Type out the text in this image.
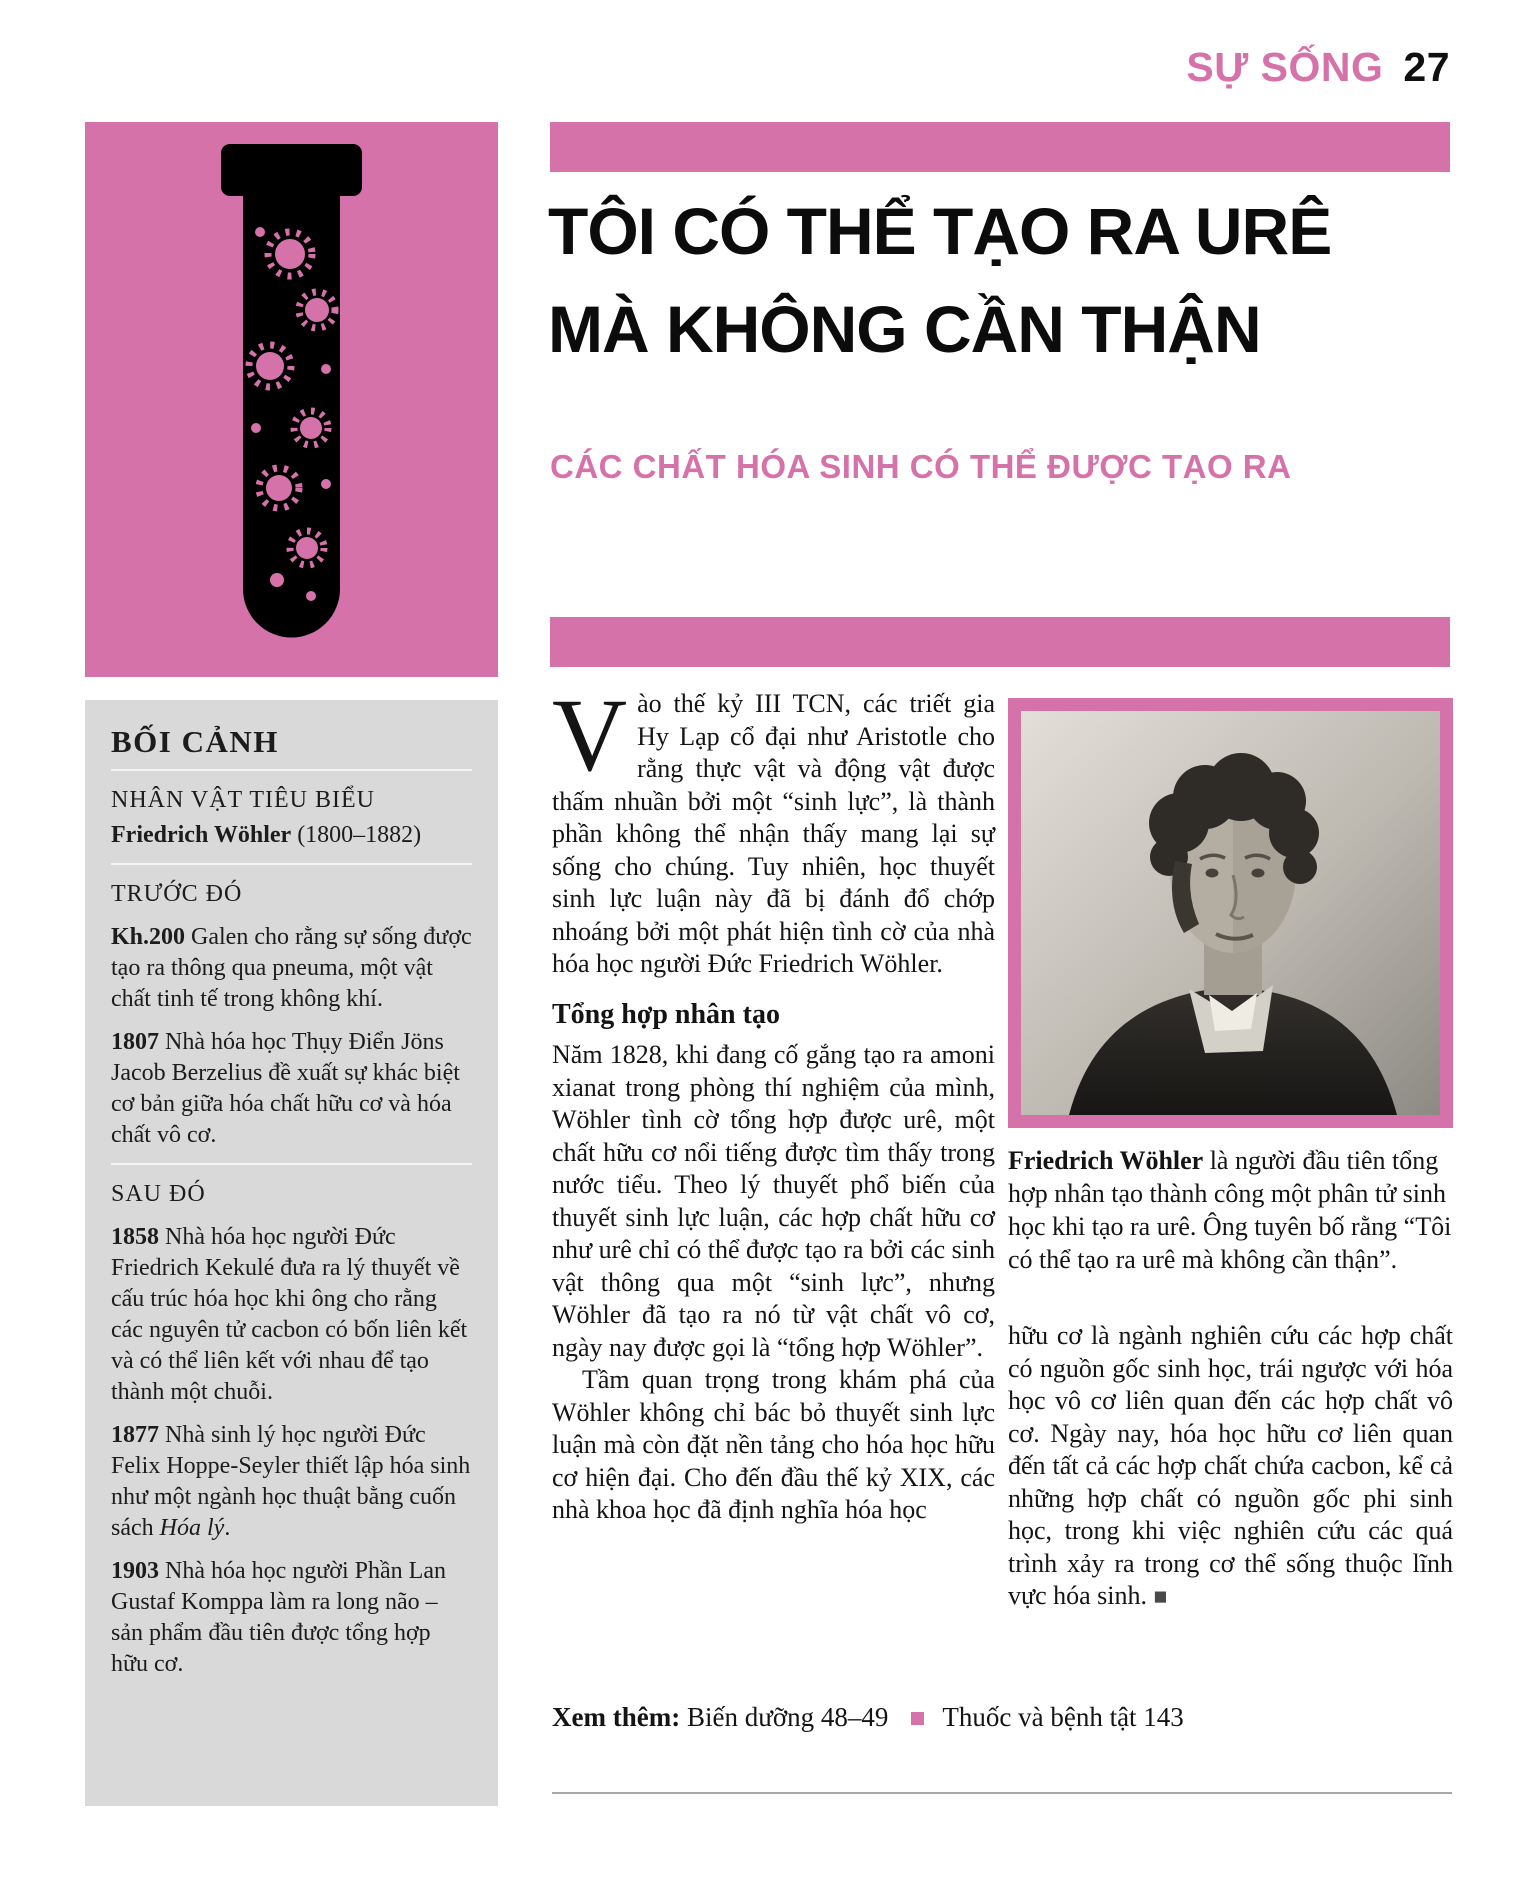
SỰ SỐNG 27
TÔI CÓ THỂ TẠO RA URÊ
MÀ KHÔNG CẦN THẬN
CÁC CHẤT HÓA SINH CÓ THỂ ĐƯỢC TẠO RA
BỐI CẢNH
NHÂN VẬT TIÊU BIỂU

Friedrich Wöhler (1800–1882)

TRƯỚC ĐÓ

Kh.200 Galen cho rằng sự sống được tạo ra thông qua pneuma, một vật chất tinh tế trong không khí.

1807 Nhà hóa học Thụy Điển Jöns Jacob Berzelius đề xuất sự khác biệt cơ bản giữa hóa chất hữu cơ và hóa chất vô cơ.

SAU ĐÓ

1858 Nhà hóa học người Đức Friedrich Kekulé đưa ra lý thuyết về cấu trúc hóa học khi ông cho rằng các nguyên tử cacbon có bốn liên kết và có thể liên kết với nhau để tạo thành một chuỗi.

1877 Nhà sinh lý học người Đức Felix Hoppe-Seyler thiết lập hóa sinh như một ngành học thuật bằng cuốn sách Hóa lý.

1903 Nhà hóa học người Phần Lan Gustaf Komppa làm ra long não – sản phẩm đầu tiên được tổng hợp hữu cơ.

Vào thế kỷ III TCN, các triết gia Hy Lạp cổ đại như Aristotle cho rằng thực vật và động vật được thấm nhuần bởi một “sinh lực”, là thành phần không thể nhận thấy mang lại sự sống cho chúng. Tuy nhiên, học thuyết sinh lực luận này đã bị đánh đổ chớp nhoáng bởi một phát hiện tình cờ của nhà hóa học người Đức Friedrich Wöhler.

Tổng hợp nhân tạo

Năm 1828, khi đang cố gắng tạo ra amoni xianat trong phòng thí nghiệm của mình, Wöhler tình cờ tổng hợp được urê, một chất hữu cơ nổi tiếng được tìm thấy trong nước tiểu. Theo lý thuyết phổ biến của thuyết sinh lực luận, các hợp chất hữu cơ như urê chỉ có thể được tạo ra bởi các sinh vật thông qua một “sinh lực”, nhưng Wöhler đã tạo ra nó từ vật chất vô cơ, ngày nay được gọi là “tổng hợp Wöhler”.

Tầm quan trọng trong khám phá của Wöhler không chỉ bác bỏ thuyết sinh lực luận mà còn đặt nền tảng cho hóa học hữu cơ hiện đại. Cho đến đầu thế kỷ XIX, các nhà khoa học đã định nghĩa hóa học

Friedrich Wöhler là người đầu tiên tổng hợp nhân tạo thành công một phân tử sinh học khi tạo ra urê. Ông tuyên bố rằng “Tôi có thể tạo ra urê mà không cần thận”.

hữu cơ là ngành nghiên cứu các hợp chất có nguồn gốc sinh học, trái ngược với hóa học vô cơ liên quan đến các hợp chất vô cơ. Ngày nay, hóa học hữu cơ liên quan đến tất cả các hợp chất chứa cacbon, kể cả những hợp chất có nguồn gốc phi sinh học, trong khi việc nghiên cứu các quá trình xảy ra trong cơ thể sống thuộc lĩnh vực hóa sinh. ■

Xem thêm: Biến dưỡng 48–49 Thuốc và bệnh tật 143
